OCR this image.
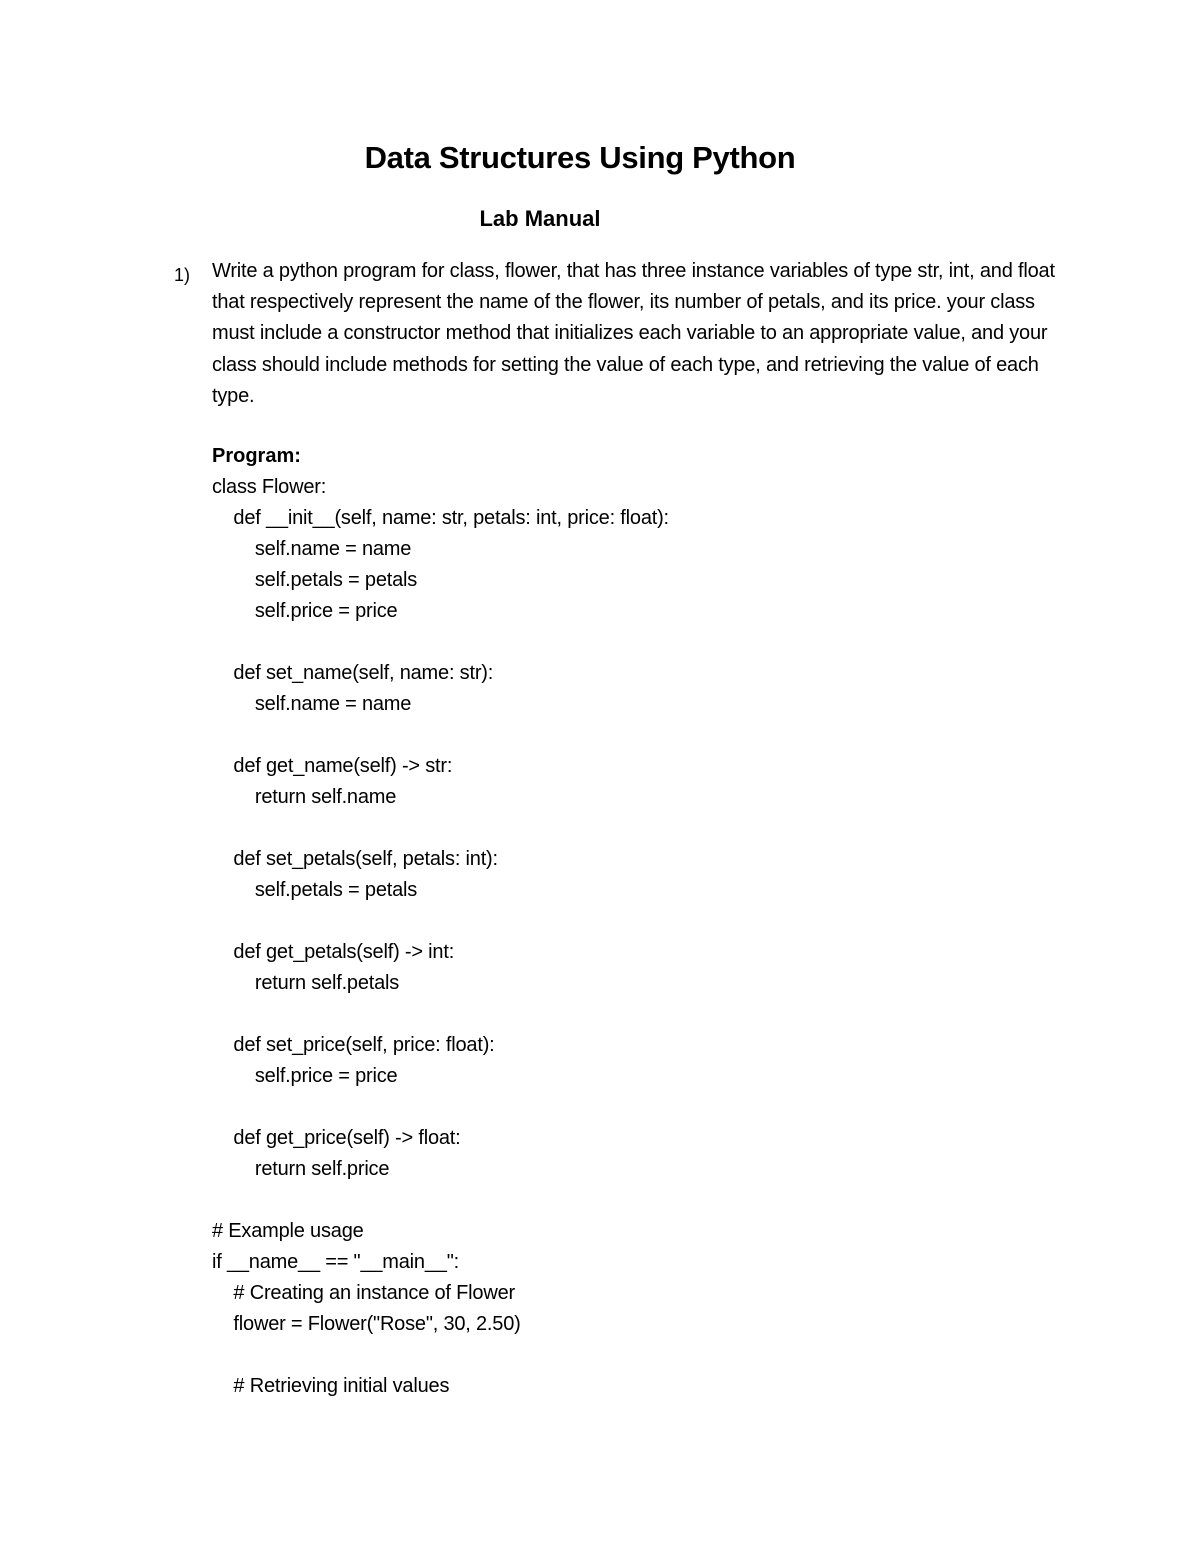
Data Structures Using Python
Lab Manual
1) Write a python program for class, flower, that has three instance variables of type str, int, and float that respectively represent the name of the flower, its number of petals, and its price. your class must include a constructor method that initializes each variable to an appropriate value, and your class should include methods for setting the value of each type, and retrieving the value of each type.
Program:
class Flower:
def __init__(self, name: str, petals: int, price: float):
self.name = name
self.petals = petals
self.price = price
def set_name(self, name: str):
self.name = name
def get_name(self) -> str:
return self.name
def set_petals(self, petals: int):
self.petals = petals
def get_petals(self) -> int:
return self.petals
def set_price(self, price: float):
self.price = price
def get_price(self) -> float:
return self.price
# Example usage
if __name__ == "__main__":
# Creating an instance of Flower
flower = Flower("Rose", 30, 2.50)
# Retrieving initial values
